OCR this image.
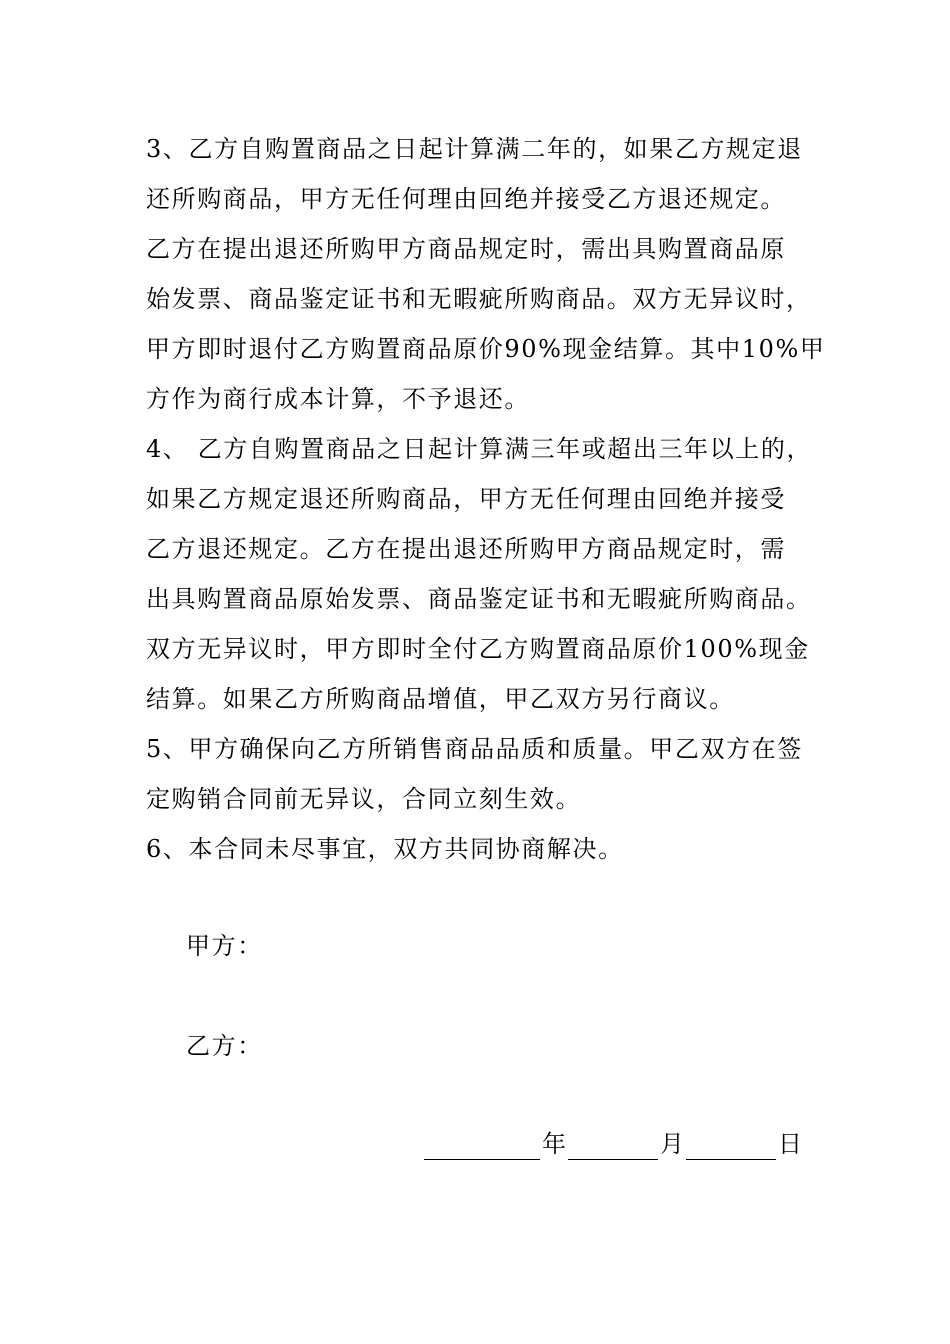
3、乙方自购置商品之日起计算满二年的，如果乙方规定退
还所购商品，甲方无任何理由回绝并接受乙方退还规定。
乙方在提出退还所购甲方商品规定时，需出具购置商品原
始发票、商品鉴定证书和无暇疵所购商品。双方无异议时，
甲方即时退付乙方购置商品原价90%现金结算。其中10%甲
方作为商行成本计算，不予退还。
4、 乙方自购置商品之日起计算满三年或超出三年以上的，
如果乙方规定退还所购商品，甲方无任何理由回绝并接受
乙方退还规定。乙方在提出退还所购甲方商品规定时，需
出具购置商品原始发票、商品鉴定证书和无暇疵所购商品。
双方无异议时，甲方即时全付乙方购置商品原价100%现金
结算。如果乙方所购商品增值，甲乙双方另行商议。
5、甲方确保向乙方所销售商品品质和质量。甲乙双方在签
定购销合同前无异议，合同立刻生效。
6、本合同未尽事宜，双方共同协商解决。
甲方：
乙方：
年	月	日
